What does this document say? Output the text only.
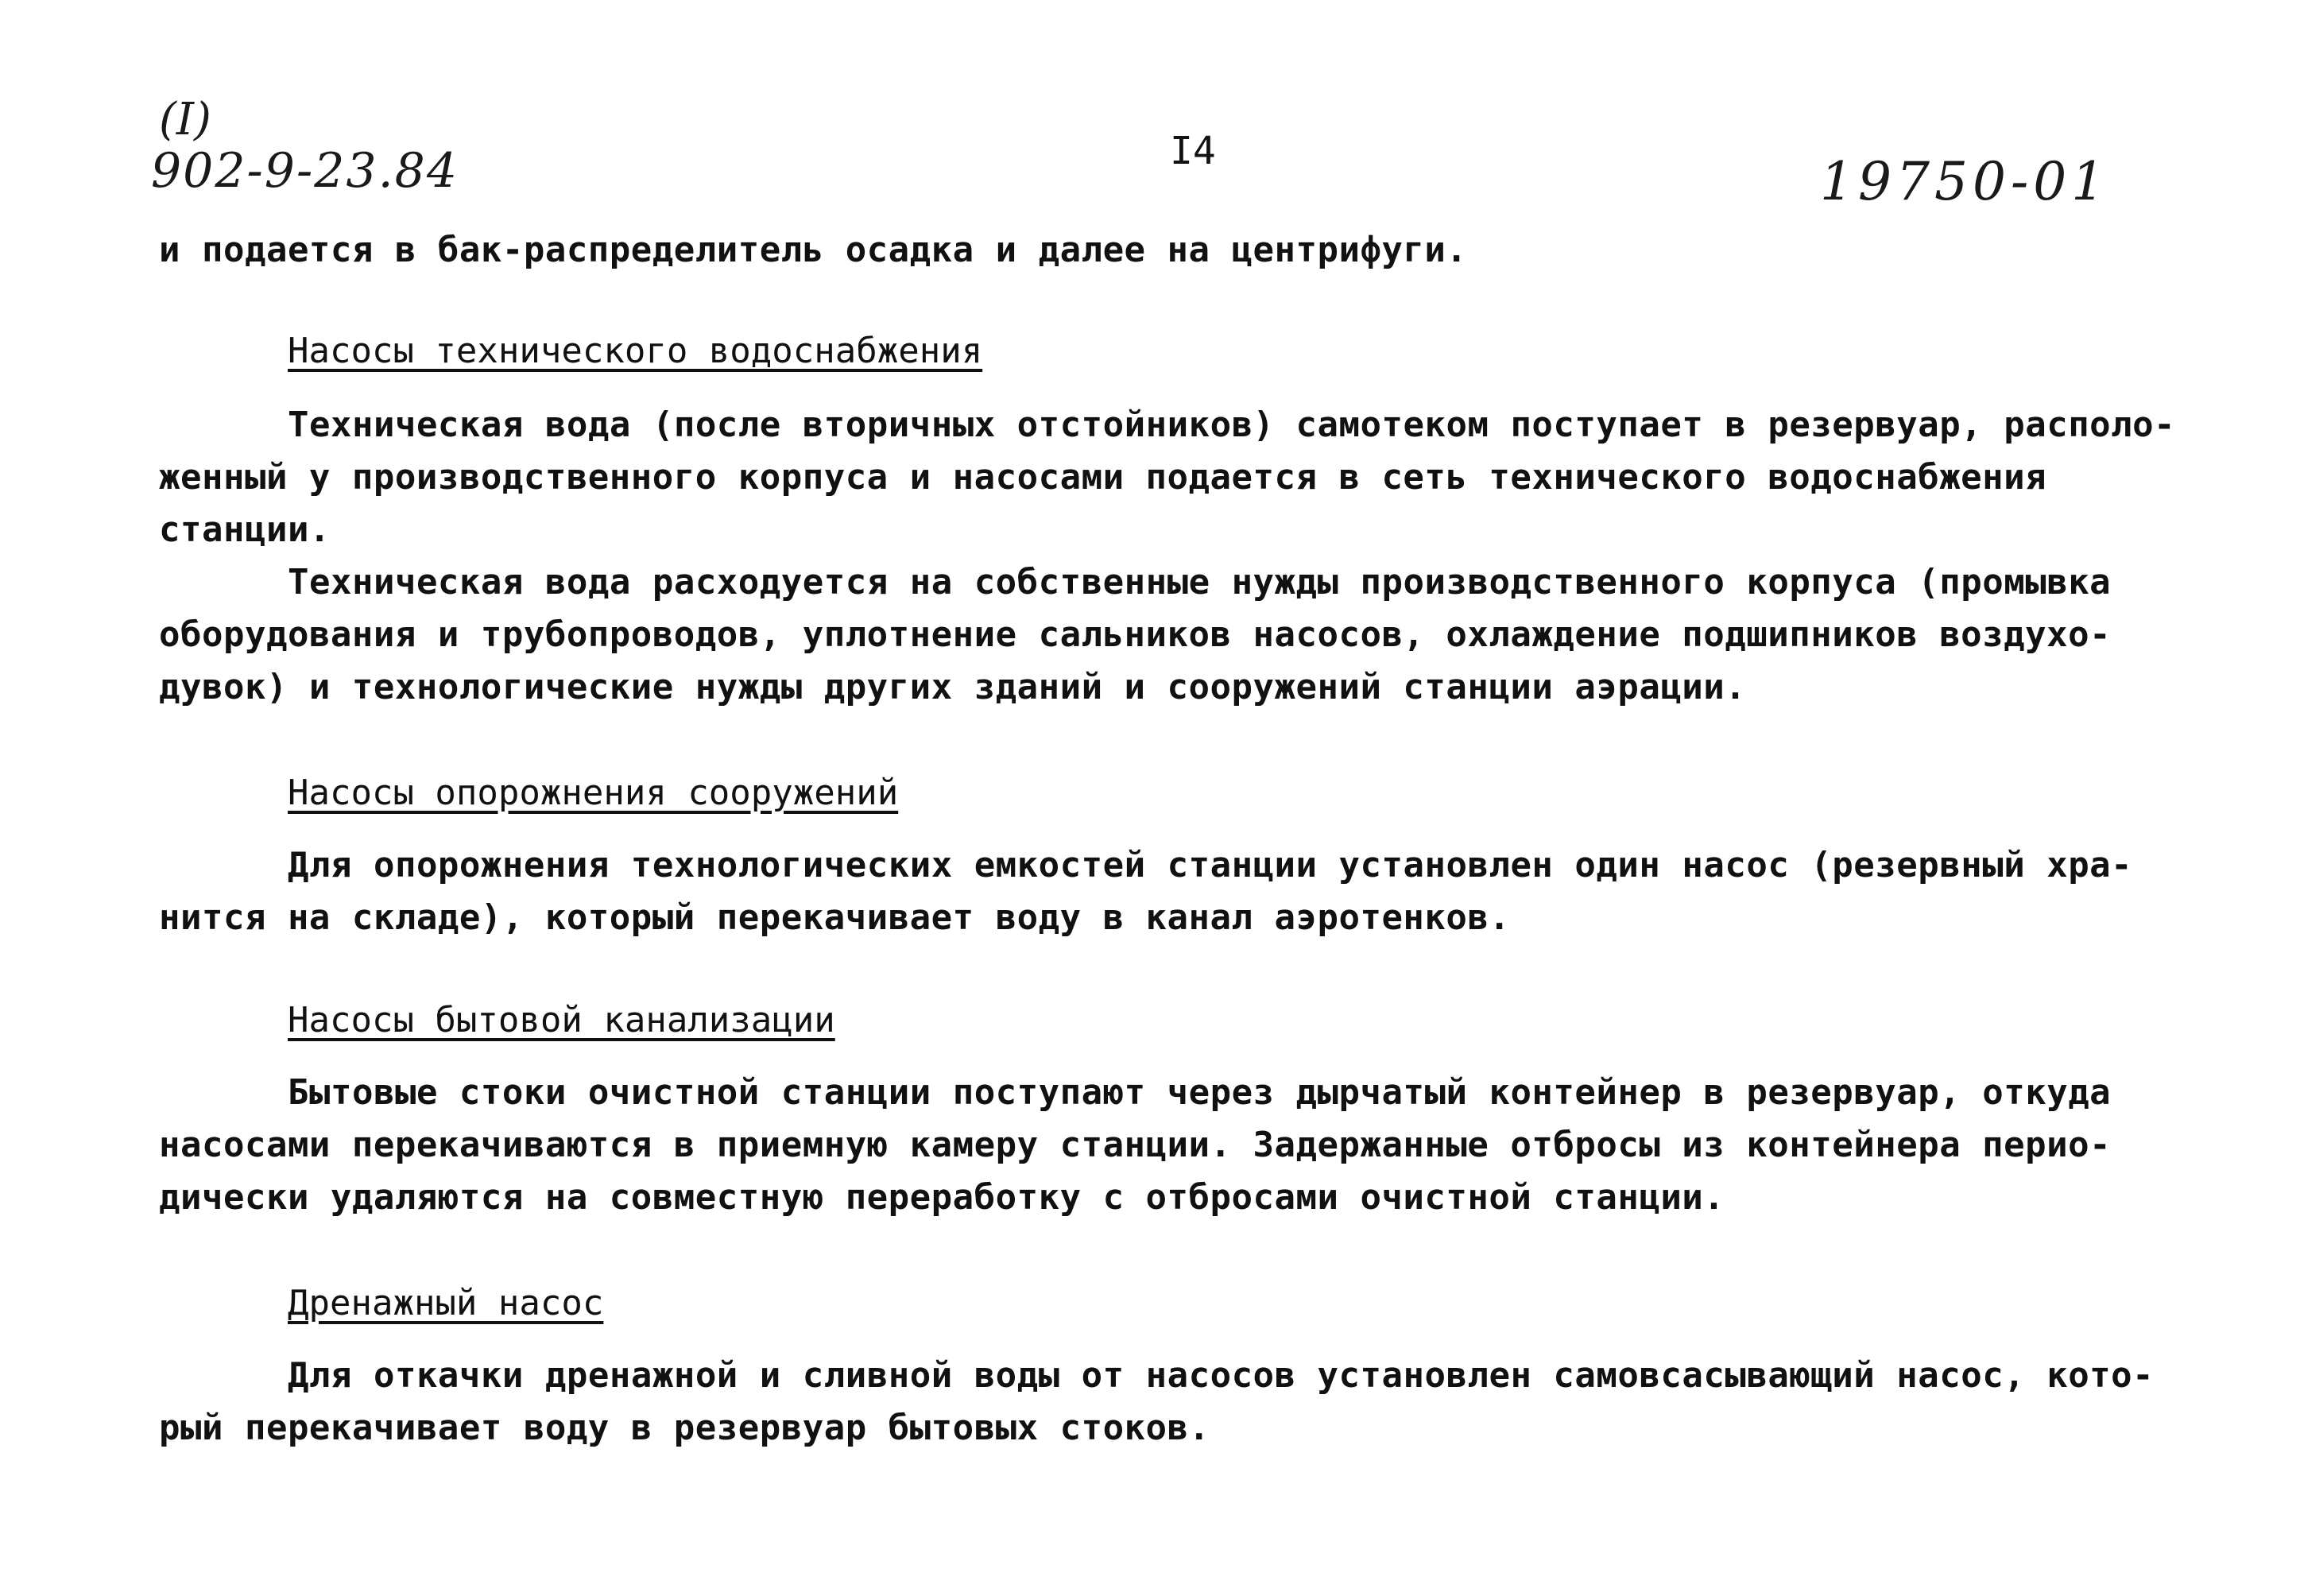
(I)
902-9-23.84	I4	19750-01
и подается в бак-распределитель осадка и далее на центрифуги.
Насосы технического водоснабжения
Техническая вода (после вторичных отстойников) самотеком поступает в резервуар, располо-
женный у производственного корпуса и насосами подается в сеть технического водоснабжения
станции.
Техническая вода расходуется на собственные нужды производственного корпуса (промывка
оборудования и трубопроводов, уплотнение сальников насосов, охлаждение подшипников воздухо-
дувок) и технологические нужды других зданий и сооружений станции аэрации.
Насосы опорожнения сооружений
Для опорожнения технологических емкостей станции установлен один насос (резервный хра-
нится на складе), который перекачивает воду в канал аэротенков.
Насосы бытовой канализации
Бытовые стоки очистной станции поступают через дырчатый контейнер в резервуар, откуда
насосами перекачиваются в приемную камеру станции. Задержанные отбросы из контейнера перио-
дически удаляются на совместную переработку с отбросами очистной станции.
Дренажный насос
Для откачки дренажной и сливной воды от насосов установлен самовсасывающий насос, кото-
рый перекачивает воду в резервуар бытовых стоков.
